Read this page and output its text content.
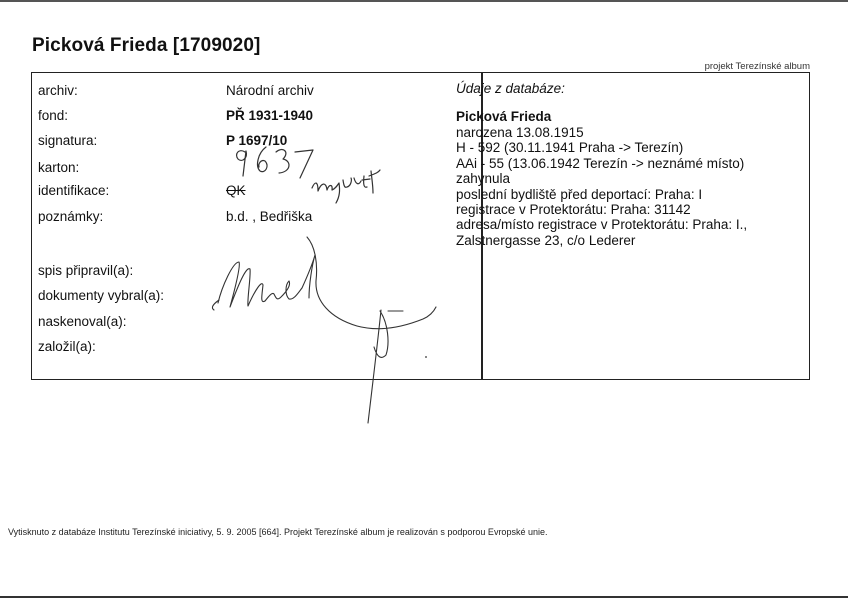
Picková Frieda [1709020]
projekt Terezínské album
archiv:	Národní archiv
fond:	PŘ 1931-1940
signatura:	P 1697/10
karton:
identifikace:	QK
poznámky:	b.d. , Bedřiška
spis připravil(a):
dokumenty vybral(a):
naskenoval(a):
založil(a):

Údaje z databáze:

Picková Frieda

narozena 13.08.1915

H - 592 (30.11.1941 Praha -> Terezín)

AAi - 55 (13.06.1942 Terezín -> neznámé místo)

zahynula

poslední bydliště před deportací: Praha: I

registrace v Protektorátu: Praha: 31142

adresa/místo registrace v Protektorátu: Praha: I.,

Zalstnergasse 23, c/o Lederer

Vytisknuto z databáze Institutu Terezínské iniciativy, 5. 9. 2005 [664]. Projekt Terezínské album je realizován s podporou Evropské unie.
